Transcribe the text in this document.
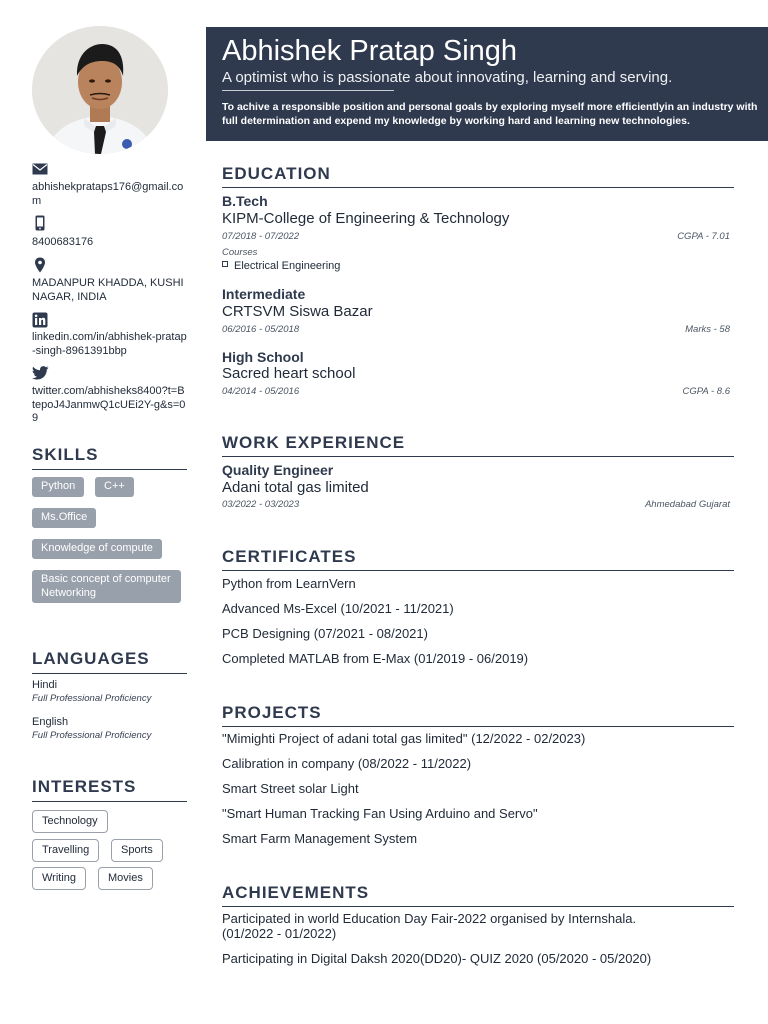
abhishekprataps176@gmail.com
8400683176
MADANPUR KHADDA, KUSHINAGAR, INDIA
linkedin.com/in/abhishek-pratap-singh-8961391bbp
twitter.com/abhisheks8400?t=BtepoJ4JanmwQ1cUEi2Y-g&s=09
SKILLS
Python	C++
Ms.Office
Knowledge of compute
Basic concept of computer Networking
LANGUAGES
Hindi
Full Professional Proficiency
English
Full Professional Proficiency
INTERESTS
Technology
Travelling	Sports
Writing	Movies
Abhishek Pratap Singh
A optimist who is passionate about innovating, learning and serving.
To achive a responsible position and personal goals by exploring myself more efficientlyin an industry with full determination and expend my knowledge by working hard and learning new technologies.
EDUCATION
B.Tech
KIPM-College of Engineering & Technology
07/2018 - 07/2022	CGPA - 7.01
Courses
Electrical Engineering
Intermediate
CRTSVM Siswa Bazar
06/2016 - 05/2018	Marks - 58
High School
Sacred heart school
04/2014 - 05/2016	CGPA - 8.6
WORK EXPERIENCE
Quality Engineer
Adani total gas limited
03/2022 - 03/2023	Ahmedabad Gujarat
CERTIFICATES
Python from LearnVern
Advanced Ms-Excel (10/2021 - 11/2021)
PCB Designing (07/2021 - 08/2021)
Completed MATLAB from E-Max (01/2019 - 06/2019)
PROJECTS
"Mimighti Project of adani total gas limited" (12/2022 - 02/2023)
Calibration in company (08/2022 - 11/2022)
Smart Street solar Light
"Smart Human Tracking Fan Using Arduino and Servo"
Smart Farm Management System
ACHIEVEMENTS
Participated in world Education Day Fair-2022 organised by Internshala.
(01/2022 - 01/2022)
Participating in Digital Daksh 2020(DD20)- QUIZ 2020 (05/2020 - 05/2020)
